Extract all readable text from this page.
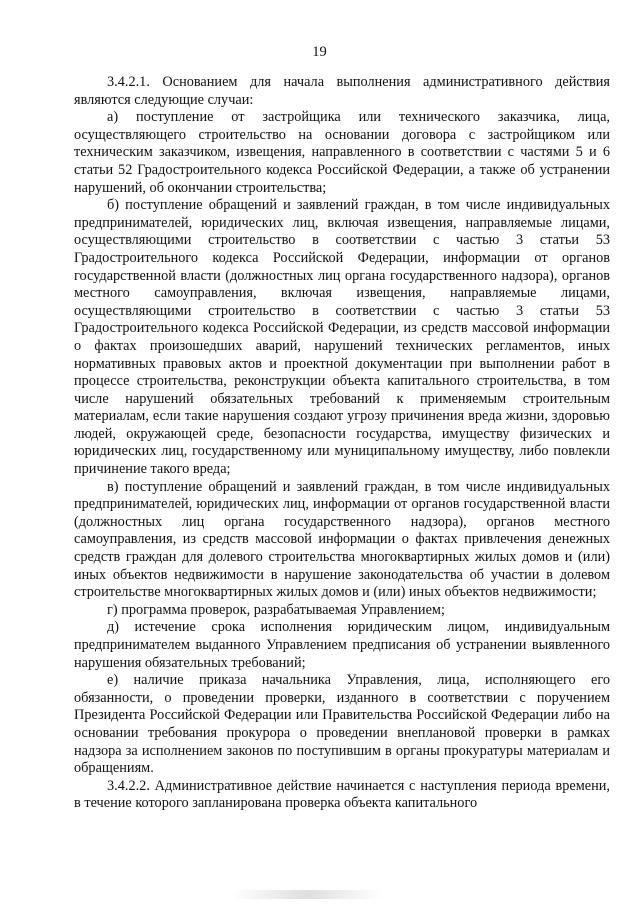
19

3.4.2.1. Основанием для начала выполнения административного действия являются следующие случаи:

а) поступление от застройщика или технического заказчика, лица, осуществляющего строительство на основании договора с застройщиком или техническим заказчиком, извещения, направленного в соответствии с частями 5 и 6 статьи 52 Градостроительного кодекса Российской Федерации, а также об устранении нарушений, об окончании строительства;

б) поступление обращений и заявлений граждан, в том числе индивидуальных предпринимателей, юридических лиц, включая извещения, направляемые лицами, осуществляющими строительство в соответствии с частью 3 статьи 53 Градостроительного кодекса Российской Федерации, информации от органов государственной власти (должностных лиц органа государственного надзора), органов местного самоуправления, включая извещения, направляемые лицами, осуществляющими строительство в соответствии с частью 3 статьи 53 Градостроительного кодекса Российской Федерации, из средств массовой информации о фактах произошедших аварий, нарушений технических регламентов, иных нормативных правовых актов и проектной документации при выполнении работ в процессе строительства, реконструкции объекта капитального строительства, в том числе нарушений обязательных требований к применяемым строительным материалам, если такие нарушения создают угрозу причинения вреда жизни, здоровью людей, окружающей среде, безопасности государства, имуществу физических и юридических лиц, государственному или муниципальному имуществу, либо повлекли причинение такого вреда;

в) поступление обращений и заявлений граждан, в том числе индивидуальных предпринимателей, юридических лиц, информации от органов государственной власти (должностных лиц органа государственного надзора), органов местного самоуправления, из средств массовой информации о фактах привлечения денежных средств граждан для долевого строительства многоквартирных жилых домов и (или) иных объектов недвижимости в нарушение законодательства об участии в долевом строительстве многоквартирных жилых домов и (или) иных объектов недвижимости;

г) программа проверок, разрабатываемая Управлением;

д) истечение срока исполнения юридическим лицом, индивидуальным предпринимателем выданного Управлением предписания об устранении выявленного нарушения обязательных требований;

е) наличие приказа начальника Управления, лица, исполняющего его обязанности, о проведении проверки, изданного в соответствии с поручением Президента Российской Федерации или Правительства Российской Федерации либо на основании требования прокурора о проведении внеплановой проверки в рамках надзора за исполнением законов по поступившим в органы прокуратуры материалам и обращениям.

3.4.2.2. Административное действие начинается с наступления периода времени, в течение которого запланирована проверка объекта капитального
